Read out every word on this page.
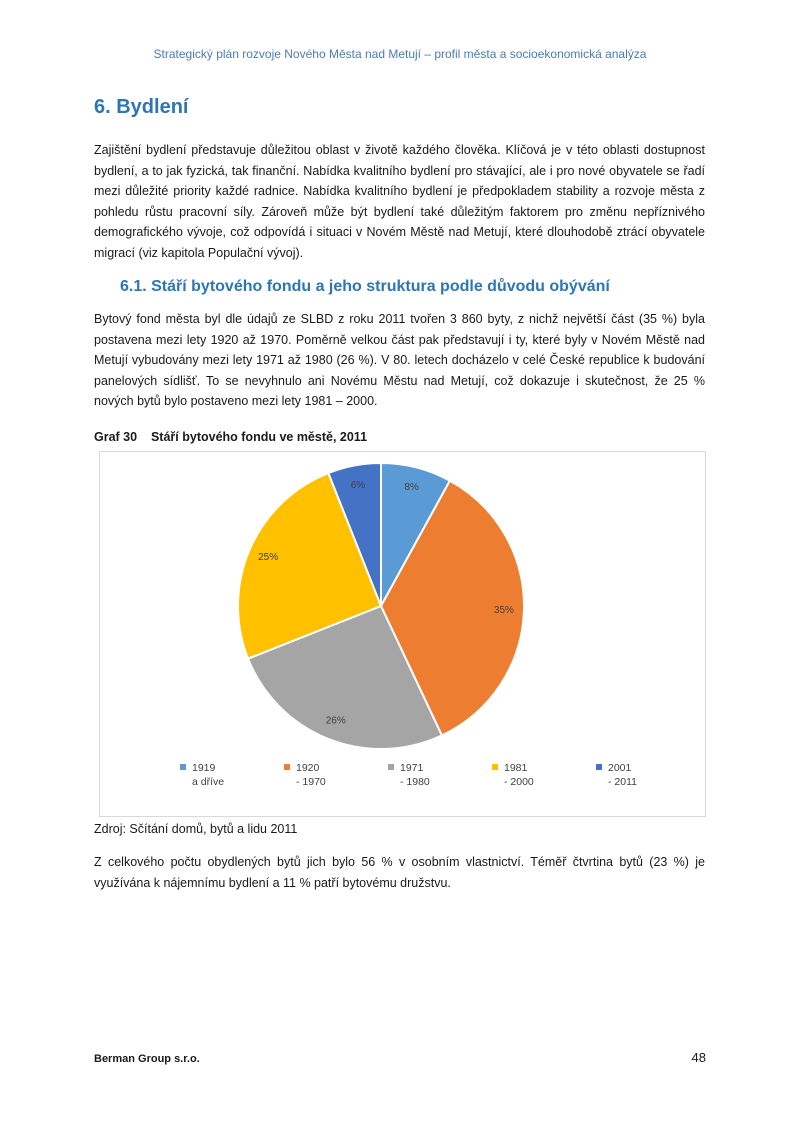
Strategický plán rozvoje Nového Města nad Metují – profil města a socioekonomická analýza
6. Bydlení
Zajištění bydlení představuje důležitou oblast v životě každého člověka. Klíčová je v této oblasti dostupnost bydlení, a to jak fyzická, tak finanční. Nabídka kvalitního bydlení pro stávající, ale i pro nové obyvatele se řadí mezi důležité priority každé radnice. Nabídka kvalitního bydlení je předpokladem stability a rozvoje města z pohledu růstu pracovní síly. Zároveň může být bydlení také důležitým faktorem pro změnu nepříznivého demografického vývoje, což odpovídá i situaci v Novém Městě nad Metují, které dlouhodobě ztrácí obyvatele migrací (viz kapitola Populační vývoj).
6.1. Stáří bytového fondu a jeho struktura podle důvodu obývání
Bytový fond města byl dle údajů ze SLBD z roku 2011 tvořen 3 860 byty, z nichž největší část (35 %) byla postavena mezi lety 1920 až 1970. Poměrně velkou část pak představují i ty, které byly v Novém Městě nad Metují vybudovány mezi lety 1971 až 1980 (26 %). V 80. letech docházelo v celé České republice k budování panelových sídlišť. To se nevyhnulo ani Novému Městu nad Metují, což dokazuje i skutečnost, že 25 % nových bytů bylo postaveno mezi lety 1981 – 2000.
Graf 30    Stáří bytového fondu ve městě, 2011
8%
35%
26%
25%
6%
1919
a dříve
1920
- 1970
1971
- 1980
1981
- 2000
2001
- 2011
Zdroj: Sčítání domů, bytů a lidu 2011
Z celkového počtu obydlených bytů jich bylo 56 % v osobním vlastnictví. Téměř čtvrtina bytů (23 %) je využívána k nájemnímu bydlení a 11 % patří bytovému družstvu.
Berman Group s.r.o.	48
